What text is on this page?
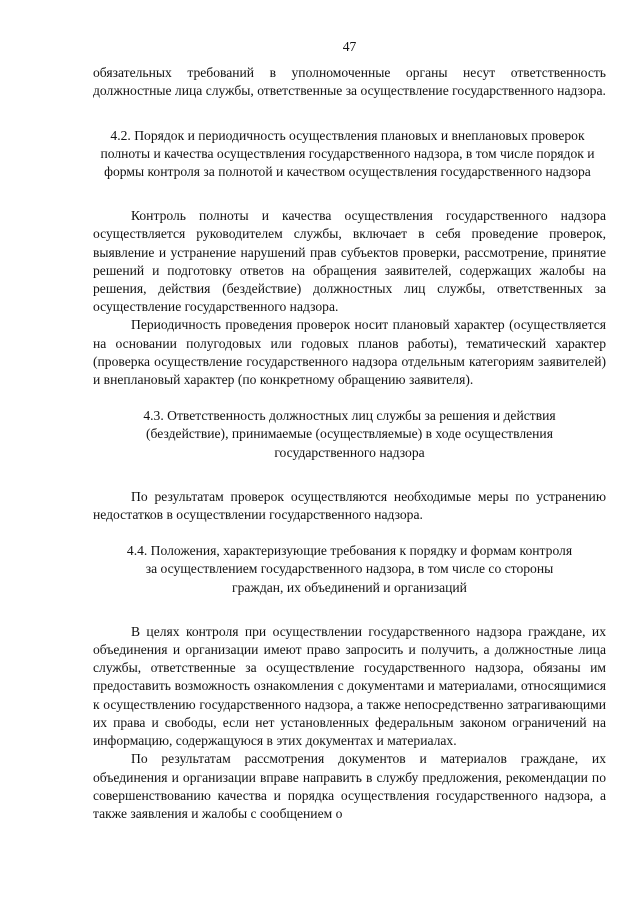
47

обязательных требований в уполномоченные органы несут ответственность должностные лица службы, ответственные за осуществление государственного надзора.

4.2. Порядок и периодичность осуществления плановых и внеплановых проверок полноты и качества осуществления государственного надзора, в том числе порядок и формы контроля за полнотой и качеством осуществления государственного надзора

Контроль полноты и качества осуществления государственного надзора осуществляется руководителем службы, включает в себя проведение проверок, выявление и устранение нарушений прав субъектов проверки, рассмотрение, принятие решений и подготовку ответов на обращения заявителей, содержащих жалобы на решения, действия (бездействие) должностных лиц службы, ответственных за осуществление государственного надзора.

Периодичность проведения проверок носит плановый характер (осуществляется на основании полугодовых или годовых планов работы), тематический характер (проверка осуществление государственного надзора отдельным категориям заявителей) и внеплановый характер (по конкретному обращению заявителя).

4.3. Ответственность должностных лиц службы за решения и действия (бездействие), принимаемые (осуществляемые) в ходе осуществления государственного надзора

По результатам проверок осуществляются необходимые меры по устранению недостатков в осуществлении государственного надзора.

4.4. Положения, характеризующие требования к порядку и формам контроля за осуществлением государственного надзора, в том числе со стороны граждан, их объединений и организаций

В целях контроля при осуществлении государственного надзора граждане, их объединения и организации имеют право запросить и получить, а должностные лица службы, ответственные за осуществление государственного надзора, обязаны им предоставить возможность ознакомления с документами и материалами, относящимися к осуществлению государственного надзора, а также непосредственно затрагивающими их права и свободы, если нет установленных федеральным законом ограничений на информацию, содержащуюся в этих документах и материалах.

По результатам рассмотрения документов и материалов граждане, их объединения и организации вправе направить в службу предложения, рекомендации по совершенствованию качества и порядка осуществления государственного надзора, а также заявления и жалобы с сообщением о
